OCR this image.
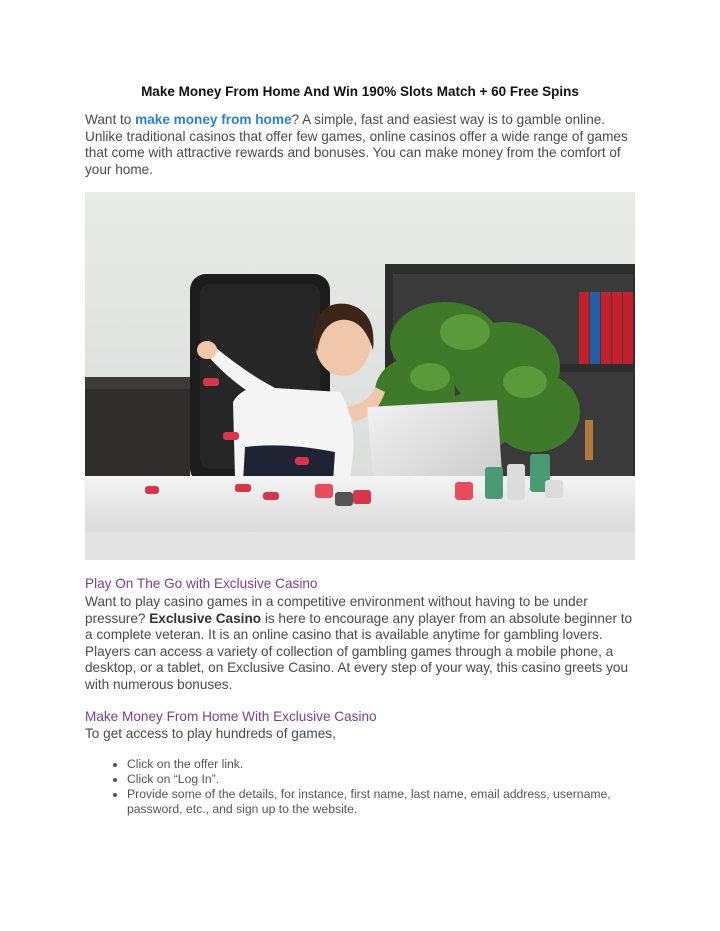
Make Money From Home And Win 190% Slots Match + 60 Free Spins
Want to make money from home? A simple, fast and easiest way is to gamble online. Unlike traditional casinos that offer few games, online casinos offer a wide range of games that come with attractive rewards and bonuses. You can make money from the comfort of your home.
Play On The Go with Exclusive Casino
Want to play casino games in a competitive environment without having to be under pressure? Exclusive Casino is here to encourage any player from an absolute beginner to a complete veteran. It is an online casino that is available anytime for gambling lovers. Players can access a variety of collection of gambling games through a mobile phone, a desktop, or a tablet, on Exclusive Casino. At every step of your way, this casino greets you with numerous bonuses.
Make Money From Home With Exclusive Casino
To get access to play hundreds of games,
• Click on the offer link.
• Click on “Log In”.
• Provide some of the details, for instance, first name, last name, email address, username, password, etc., and sign up to the website.
